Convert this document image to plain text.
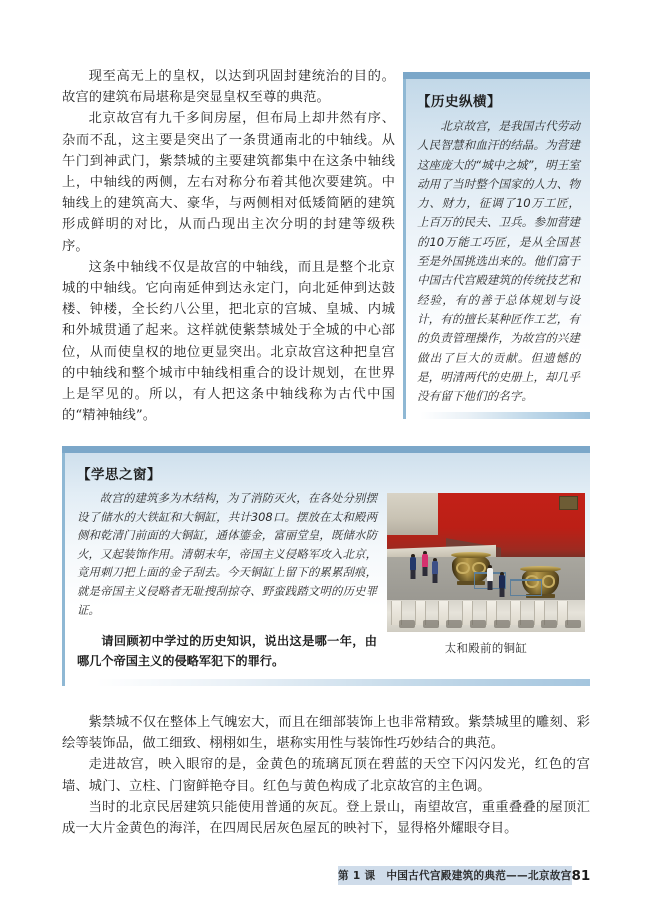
现至高无上的皇权，以达到巩固封建统治的目的。故宫的建筑布局堪称是突显皇权至尊的典范。

北京故宫有九千多间房屋，但布局上却井然有序、杂而不乱，这主要是突出了一条贯通南北的中轴线。从午门到神武门，紫禁城的主要建筑都集中在这条中轴线上，中轴线的两侧，左右对称分布着其他次要建筑。中轴线上的建筑高大、豪华，与两侧相对低矮简陋的建筑形成鲜明的对比，从而凸现出主次分明的封建等级秩序。

这条中轴线不仅是故宫的中轴线，而且是整个北京城的中轴线。它向南延伸到达永定门，向北延伸到达鼓楼、钟楼，全长约八公里，把北京的宫城、皇城、内城和外城贯通了起来。这样就使紫禁城处于全城的中心部位，从而使皇权的地位更显突出。北京故宫这种把皇宫的中轴线和整个城市中轴线相重合的设计规划，在世界上是罕见的。所以，有人把这条中轴线称为古代中国的“精神轴线”。

【历史纵横】

北京故宫，是我国古代劳动人民智慧和血汗的结晶。为营建这座庞大的“城中之城”，明王室动用了当时整个国家的人力、物力、财力，征调了10万工匠，上百万的民夫、卫兵。参加营建的10万能工巧匠，是从全国甚至是外国挑选出来的。他们富于中国古代宫殿建筑的传统技艺和经验，有的善于总体规划与设计，有的擅长某种匠作工艺，有的负责管理操作，为故宫的兴建做出了巨大的贡献。但遗憾的是，明清两代的史册上，却几乎没有留下他们的名字。

【学思之窗】

故宫的建筑多为木结构，为了消防灭火，在各处分别摆设了储水的大铁缸和大铜缸，共计308口。摆放在太和殿两侧和乾清门前面的大铜缸，通体鎏金，富丽堂皇，既储水防火，又起装饰作用。清朝末年，帝国主义侵略军攻入北京，竟用刺刀把上面的金子刮去。今天铜缸上留下的累累刮痕，就是帝国主义侵略者无耻搜刮掠夺、野蛮践踏文明的历史罪证。

请回顾初中学过的历史知识，说出这是哪一年，由哪几个帝国主义的侵略军犯下的罪行。

太和殿前的铜缸

紫禁城不仅在整体上气魄宏大，而且在细部装饰上也非常精致。紫禁城里的雕刻、彩绘等装饰品，做工细致、栩栩如生，堪称实用性与装饰性巧妙结合的典范。

走进故宫，映入眼帘的是，金黄色的琉璃瓦顶在碧蓝的天空下闪闪发光，红色的宫墙、城门、立柱、门窗鲜艳夺目。红色与黄色构成了北京故宫的主色调。

当时的北京民居建筑只能使用普通的灰瓦。登上景山，南望故宫，重重叠叠的屋顶汇成一大片金黄色的海洋，在四周民居灰色屋瓦的映衬下，显得格外耀眼夺目。

第 1 课　中国古代宫殿建筑的典范——北京故宫 81
